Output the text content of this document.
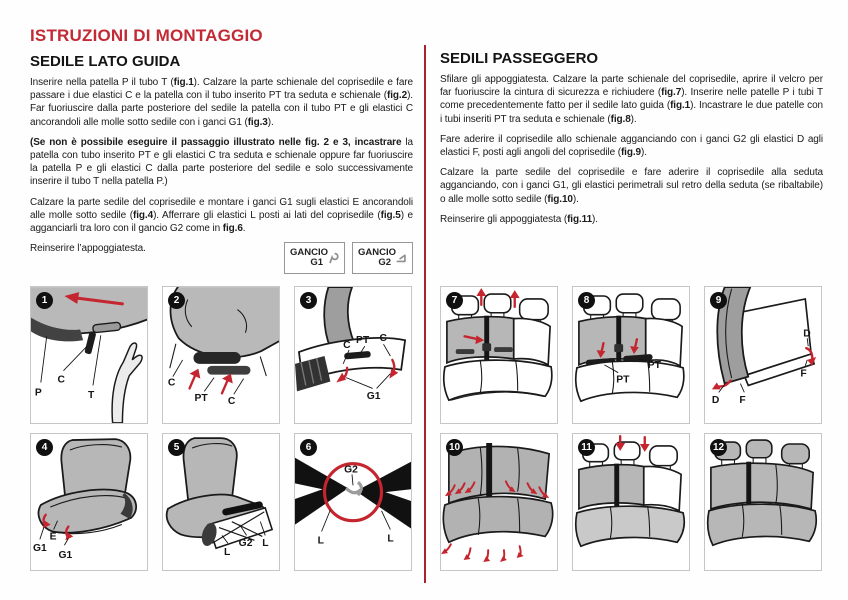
ISTRUZIONI DI MONTAGGIO
SEDILE LATO GUIDA

Inserire nella patella P il tubo T (fig.1). Calzare la parte schienale del coprisedile e fare passare i due elastici C e la patella con il tubo inserito PT tra seduta e schienale (fig.2). Far fuoriuscire dalla parte posteriore del sedile la patella con il tubo PT e gli elastici C ancorandoli alle molle sotto sedile con i ganci G1 (fig.3).

(Se non è possibile eseguire il passaggio illustrato nelle fig. 2 e 3, incastrare la patella con tubo inserito PT e gli elastici C tra seduta e schienale oppure far fuoriuscire la patella P e gli elastici C dalla parte posteriore del sedile e solo successivamente inserire il tubo T nella patella P.)

Calzare la parte sedile del coprisedile e montare i ganci G1 sugli elastici E ancorandoli alle molle sotto sedile (fig.4). Afferrare gli elastici L posti ai lati del coprisedile (fig.5) e agganciarli tra loro con il gancio G2 come in fig.6.

Reinserire l’appoggiatesta.	GANCIO
G1
GANCIO
G2
SEDILI PASSEGGERO

Sfilare gli appoggiatesta. Calzare la parte schienale del coprisedile, aprire il velcro per far fuoriuscire la cintura di sicurezza e richiudere (fig.7). Inserire nelle patelle P i tubi T come precedentemente fatto per il sedile lato guida (fig.1). Incastrare le due patelle con i tubi inseriti PT tra seduta e schienale (fig.8).

Fare aderire il coprisedile allo schienale agganciando con i ganci G2 gli elastici D agli elastici F, posti agli angoli del coprisedile (fig.9).

Calzare la parte sedile del coprisedile e fare aderire il coprisedile alla seduta agganciando, con i ganci G1, gli elastici perimetrali sul retro della seduta (se ribaltabile) o alle molle sotto sedile (fig.10).

Reinserire gli appoggiatesta (fig.11).

1
P
C
T
2
C
PT C
3
C PT C
G1
4
G1
E
G1
5
L
G2 L
6
G2
L	L
7	8
PT
PT
9
D
F
D F
10	11	12
